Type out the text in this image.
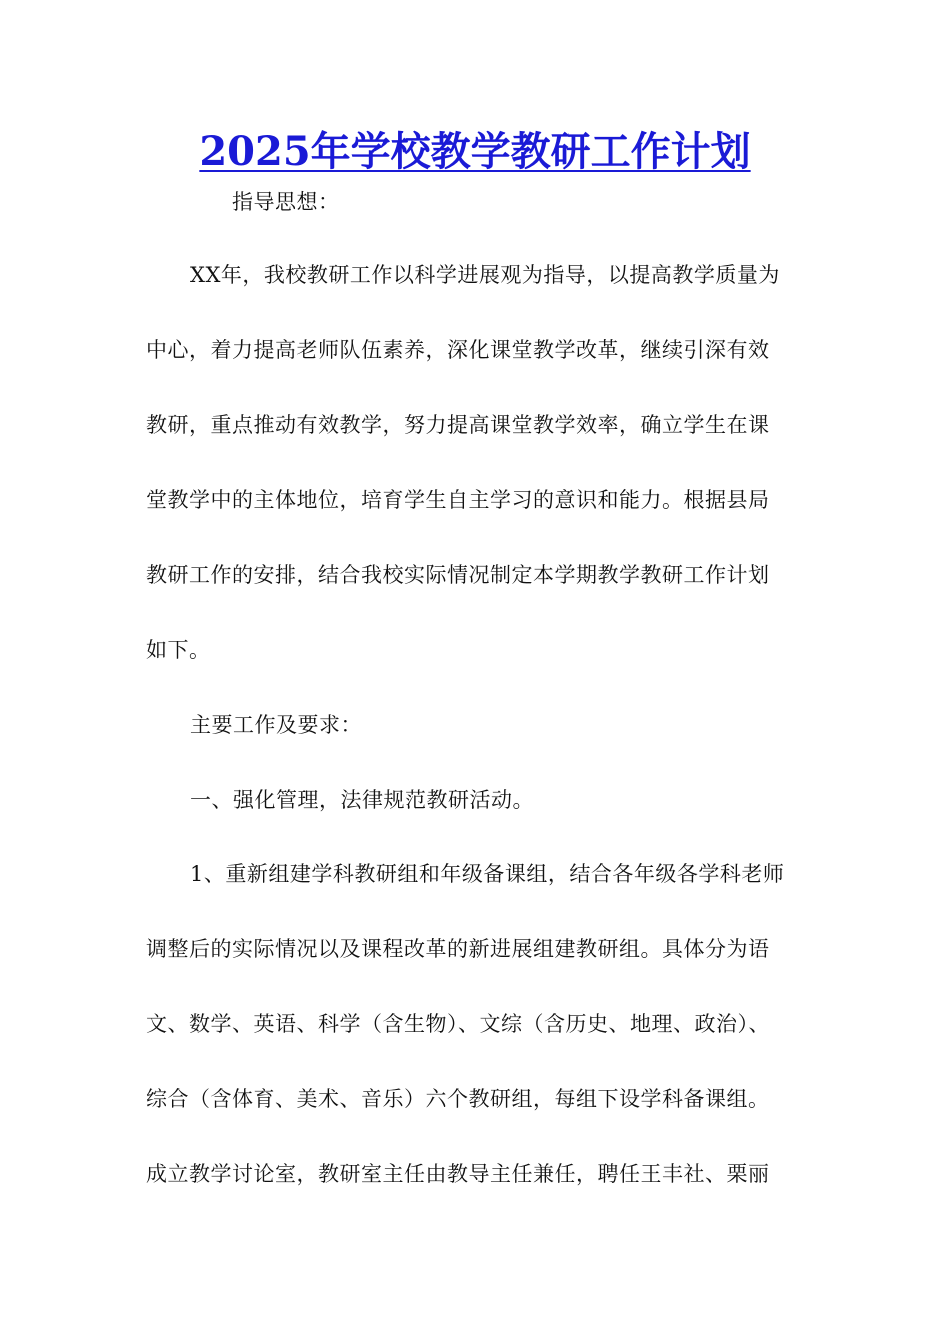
2025年学校教学教研工作计划
指导思想：
XX年，我校教研工作以科学进展观为指导，以提高教学质量为
中心，着力提高老师队伍素养，深化课堂教学改革，继续引深有效
教研，重点推动有效教学，努力提高课堂教学效率，确立学生在课
堂教学中的主体地位，培育学生自主学习的意识和能力。根据县局
教研工作的安排，结合我校实际情况制定本学期教学教研工作计划
如下。
主要工作及要求：
一、强化管理，法律规范教研活动。
1、重新组建学科教研组和年级备课组，结合各年级各学科老师
调整后的实际情况以及课程改革的新进展组建教研组。具体分为语
文、数学、英语、科学（含生物）、文综（含历史、地理、政治）、
综合（含体育、美术、音乐）六个教研组，每组下设学科备课组。
成立教学讨论室，教研室主任由教导主任兼任，聘任王丰社、栗丽
